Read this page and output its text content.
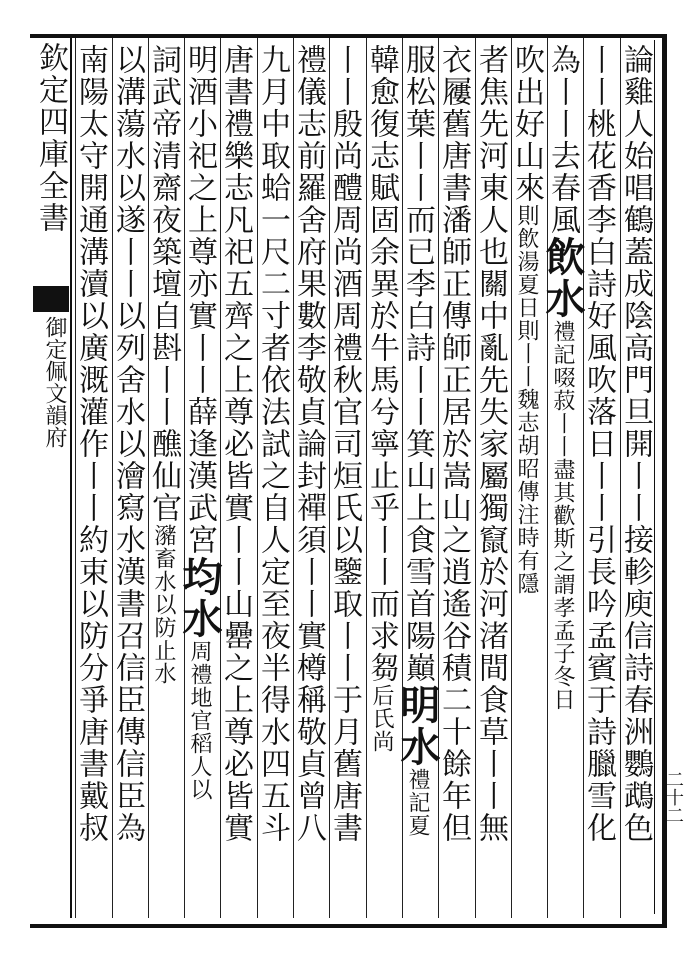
欽定四庫全書
御定佩文韻府
二十二
論雞人始唱鶴蓋成陰高門旦開丨丨接軫庾信詩春洲鸚鵡色
丨丨桃花香李白詩好風吹落日丨丨引長吟孟賓于詩臘雪化
為丨丨去春風飲水禮記啜菽丨丨盡其歡斯之謂孝孟子冬日
吹出好山來則飲湯夏日則丨丨魏志胡昭傳注時有隱
者焦先河東人也關中亂先失家屬獨竄於河渚間食草丨丨無
衣屨舊唐書潘師正傳師正居於嵩山之逍遙谷積二十餘年但
服松葉丨丨而已李白詩丨丨箕山上食雪首陽巔明水禮記夏
韓愈復志賦固余異於牛馬兮寧止乎丨丨而求芻后氏尚
丨丨殷尚醴周尚酒周禮秋官司烜氏以鑒取丨丨于月舊唐書
禮儀志前羅舍府果數李敬貞論封禪須丨丨實樽稱敬貞曾八
九月中取蛤一尺二寸者依法試之自人定至夜半得水四五斗
唐書禮樂志凡祀五齊之上尊必皆實丨丨山罍之上尊必皆實
明酒小祀之上尊亦實丨丨薛逢漢武宮均水周禮地官稻人以
詞武帝清齋夜築壇自斟丨丨醮仙官瀦畜水以防止水
以溝蕩水以遂丨丨以列舍水以澮寫水漢書召信臣傳信臣為
南陽太守開通溝瀆以廣溉灌作丨丨約束以防分爭唐書戴叔
